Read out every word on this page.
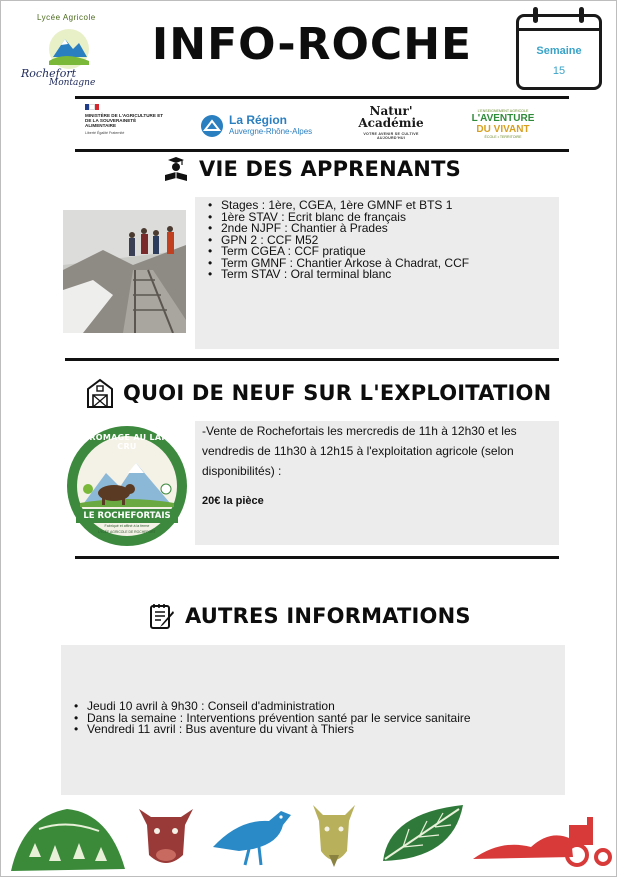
Lycée Agricole
Rochefort
Montagne
INFO-ROCHE	Semaine
15
MINISTÈRE DE L'AGRICULTURE ET DE LA SOUVERAINETÉ ALIMENTAIRE
Liberté Égalité Fraternité
La Région
Auvergne-Rhône-Alpes
Natur'
Académie
VOTRE AVENIR SE CULTIVE AUJOURD'HUI
L'ENSEIGNEMENT AGRICOLE
L'AVENTURE
DU VIVANT
ÉCOLE • TERRITOIRE
VIE DES APPRENANTS
• Stages : 1ère, CGEA, 1ère GMNF et BTS 1
• 1ère STAV : Ecrit blanc de français
• 2nde NJPF : Chantier à Prades
• GPN 2 : CCF M52
• Term CGEA : CCF pratique
• Term GMNF : Chantier Arkose à Chadrat, CCF
• Term STAV : Oral terminal blanc
QUOI DE NEUF SUR L'EXPLOITATION
FROMAGE AU LAIT CRU
LE ROCHEFORTAIS
Fabriqué et affiné à la ferme
LYCÉE AGRICOLE DE ROCHEFORT
-Vente de Rochefortais les mercredis de 11h à 12h30 et les vendredis de 11h30 à 12h15 à l'exploitation agricole (selon disponibilités) :
20€ la pièce
AUTRES INFORMATIONS
• Jeudi 10 avril à 9h30 : Conseil d'administration
• Dans la semaine : Interventions prévention santé par le service sanitaire
• Vendredi 11 avril : Bus aventure du vivant à Thiers
